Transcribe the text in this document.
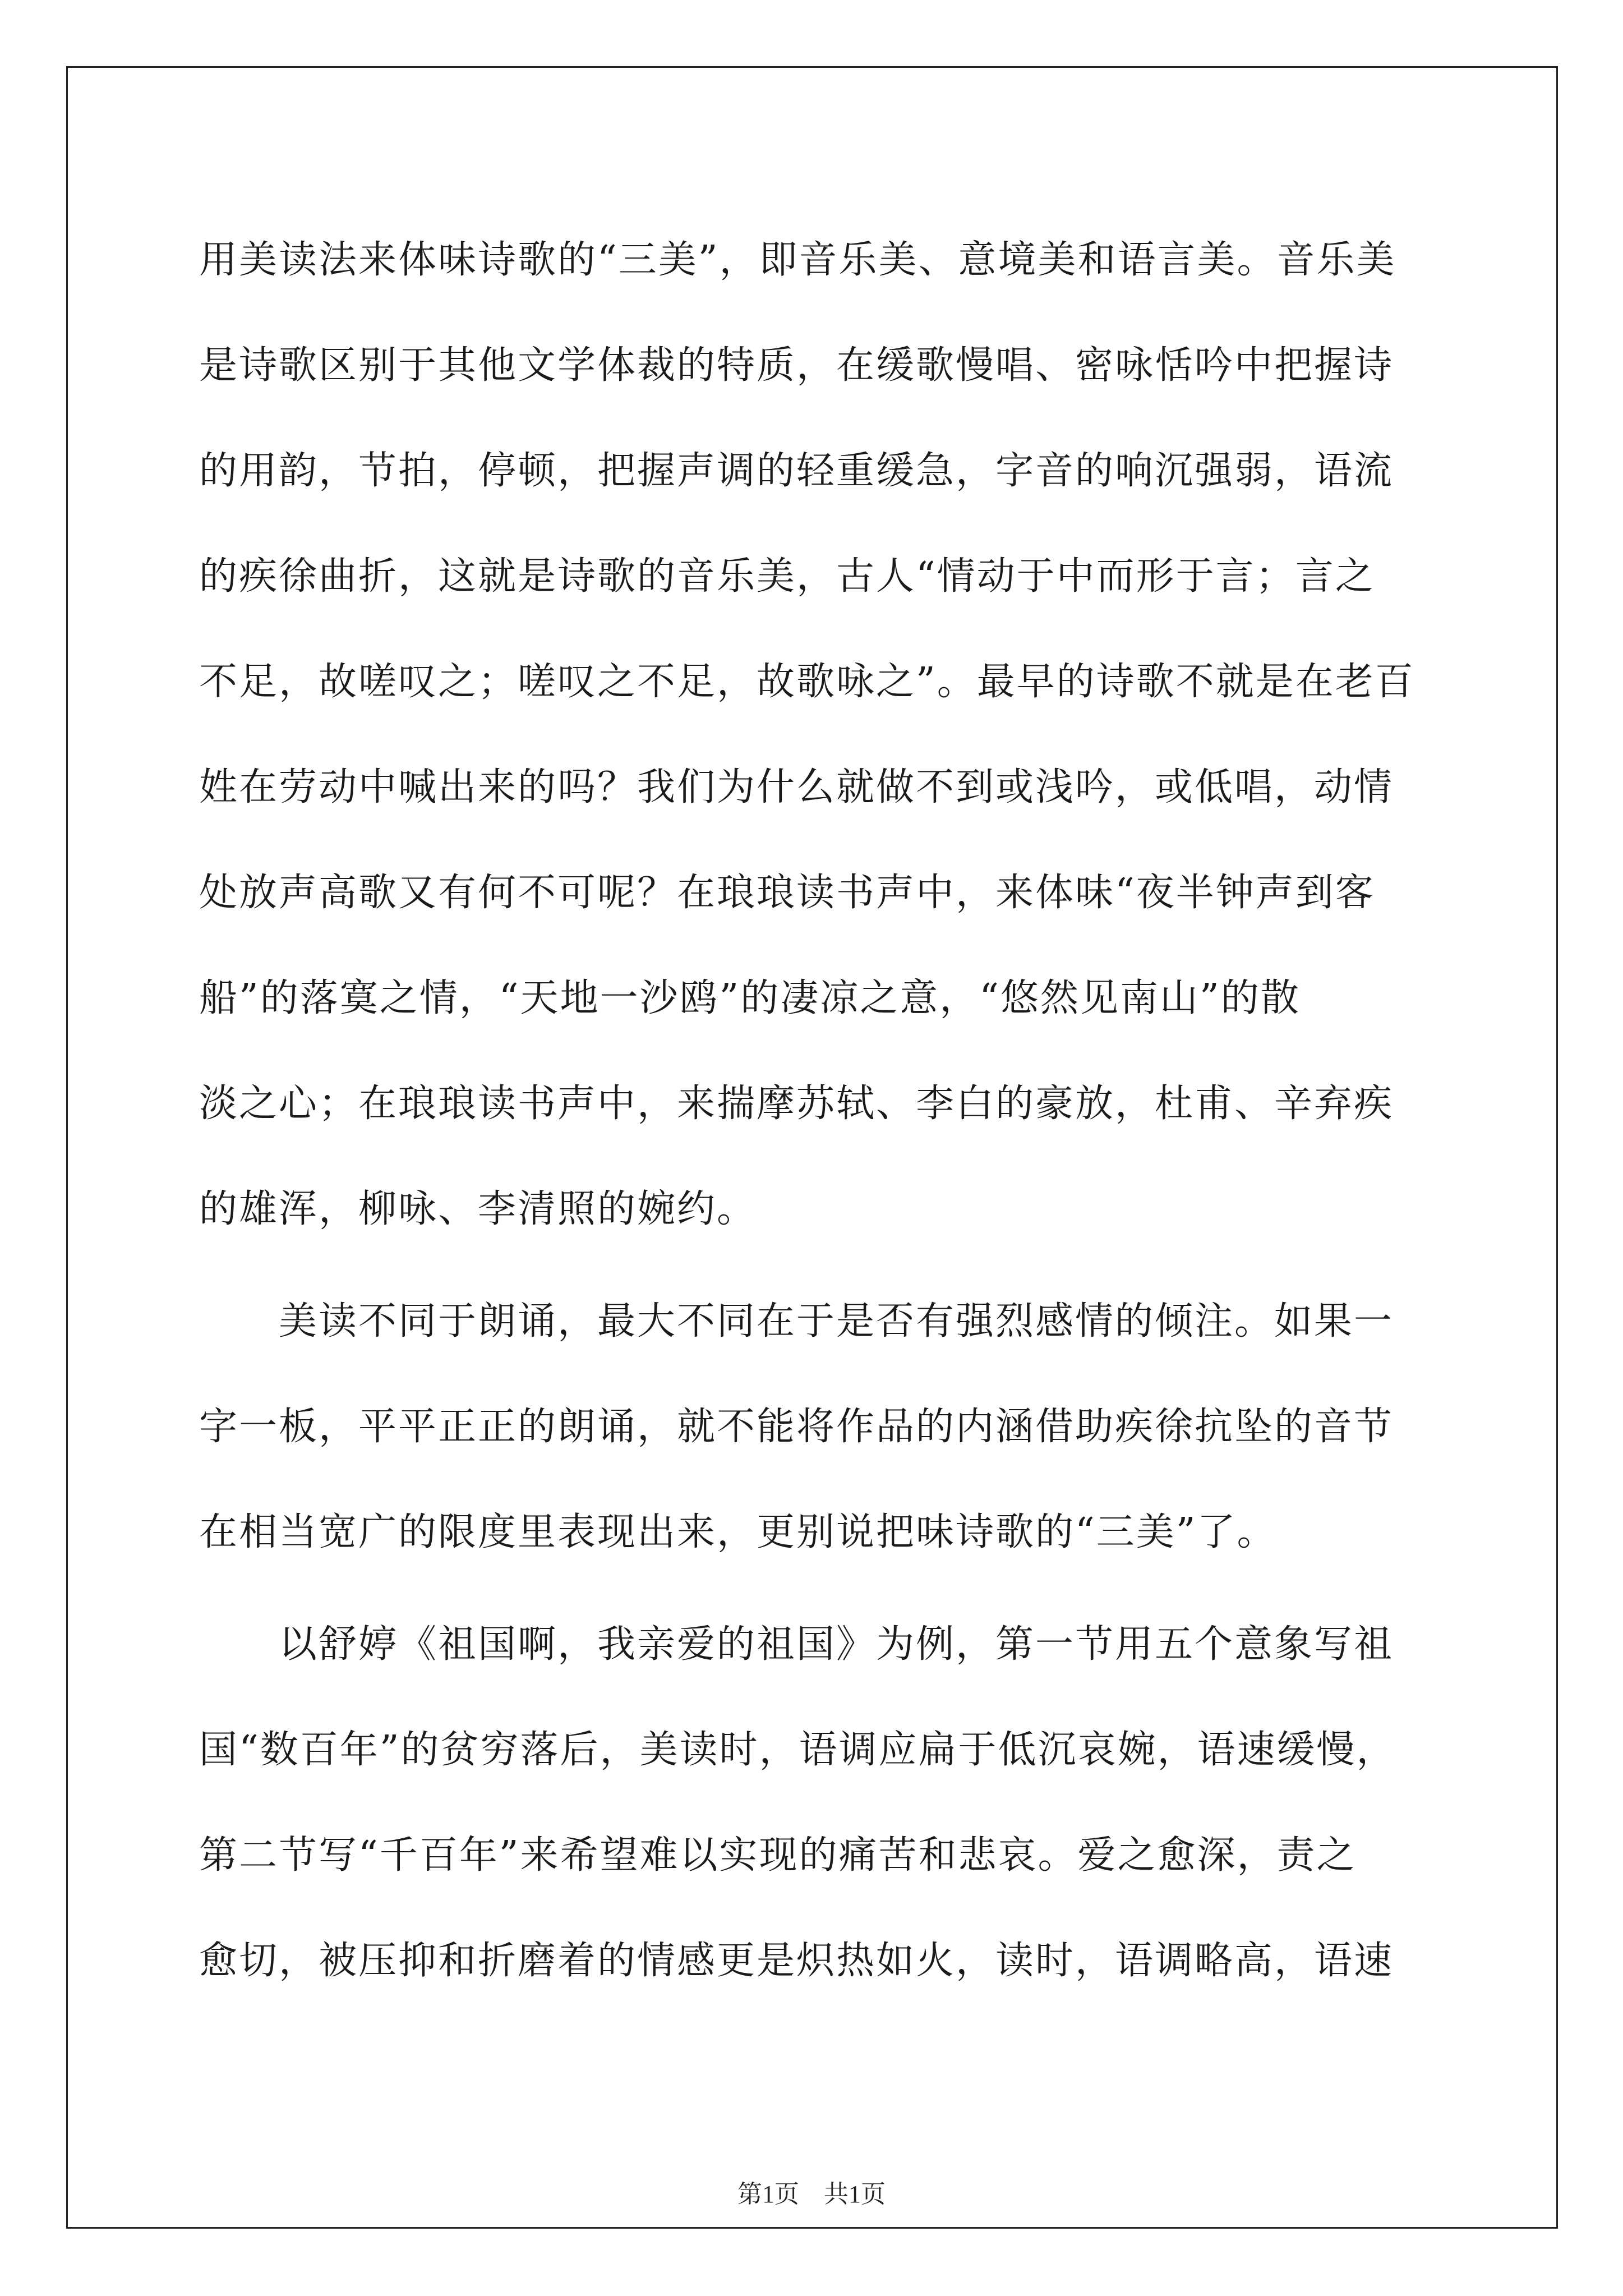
用美读法来体味诗歌的“三美”，即音乐美、意境美和语言美。音乐美
是诗歌区别于其他文学体裁的特质，在缓歌慢唱、密咏恬吟中把握诗
的用韵，节拍，停顿，把握声调的轻重缓急，字音的响沉强弱，语流
的疾徐曲折，这就是诗歌的音乐美，古人“情动于中而形于言；言之
不足，故嗟叹之；嗟叹之不足，故歌咏之”。最早的诗歌不就是在老百
姓在劳动中喊出来的吗？我们为什么就做不到或浅吟，或低唱，动情
处放声高歌又有何不可呢？在琅琅读书声中，来体味“夜半钟声到客
船”的落寞之情，“天地一沙鸥”的凄凉之意，“悠然见南山”的散
淡之心；在琅琅读书声中，来揣摩苏轼、李白的豪放，杜甫、辛弃疾
的雄浑，柳咏、李清照的婉约。
　　美读不同于朗诵，最大不同在于是否有强烈感情的倾注。如果一
字一板，平平正正的朗诵，就不能将作品的内涵借助疾徐抗坠的音节
在相当宽广的限度里表现出来，更别说把味诗歌的“三美”了。
　　以舒婷《祖国啊，我亲爱的祖国》为例，第一节用五个意象写祖
国“数百年”的贫穷落后，美读时，语调应扁于低沉哀婉，语速缓慢，
第二节写“千百年”来希望难以实现的痛苦和悲哀。爱之愈深，责之
愈切，被压抑和折磨着的情感更是炽热如火，读时，语调略高，语速
第1页　共1页
